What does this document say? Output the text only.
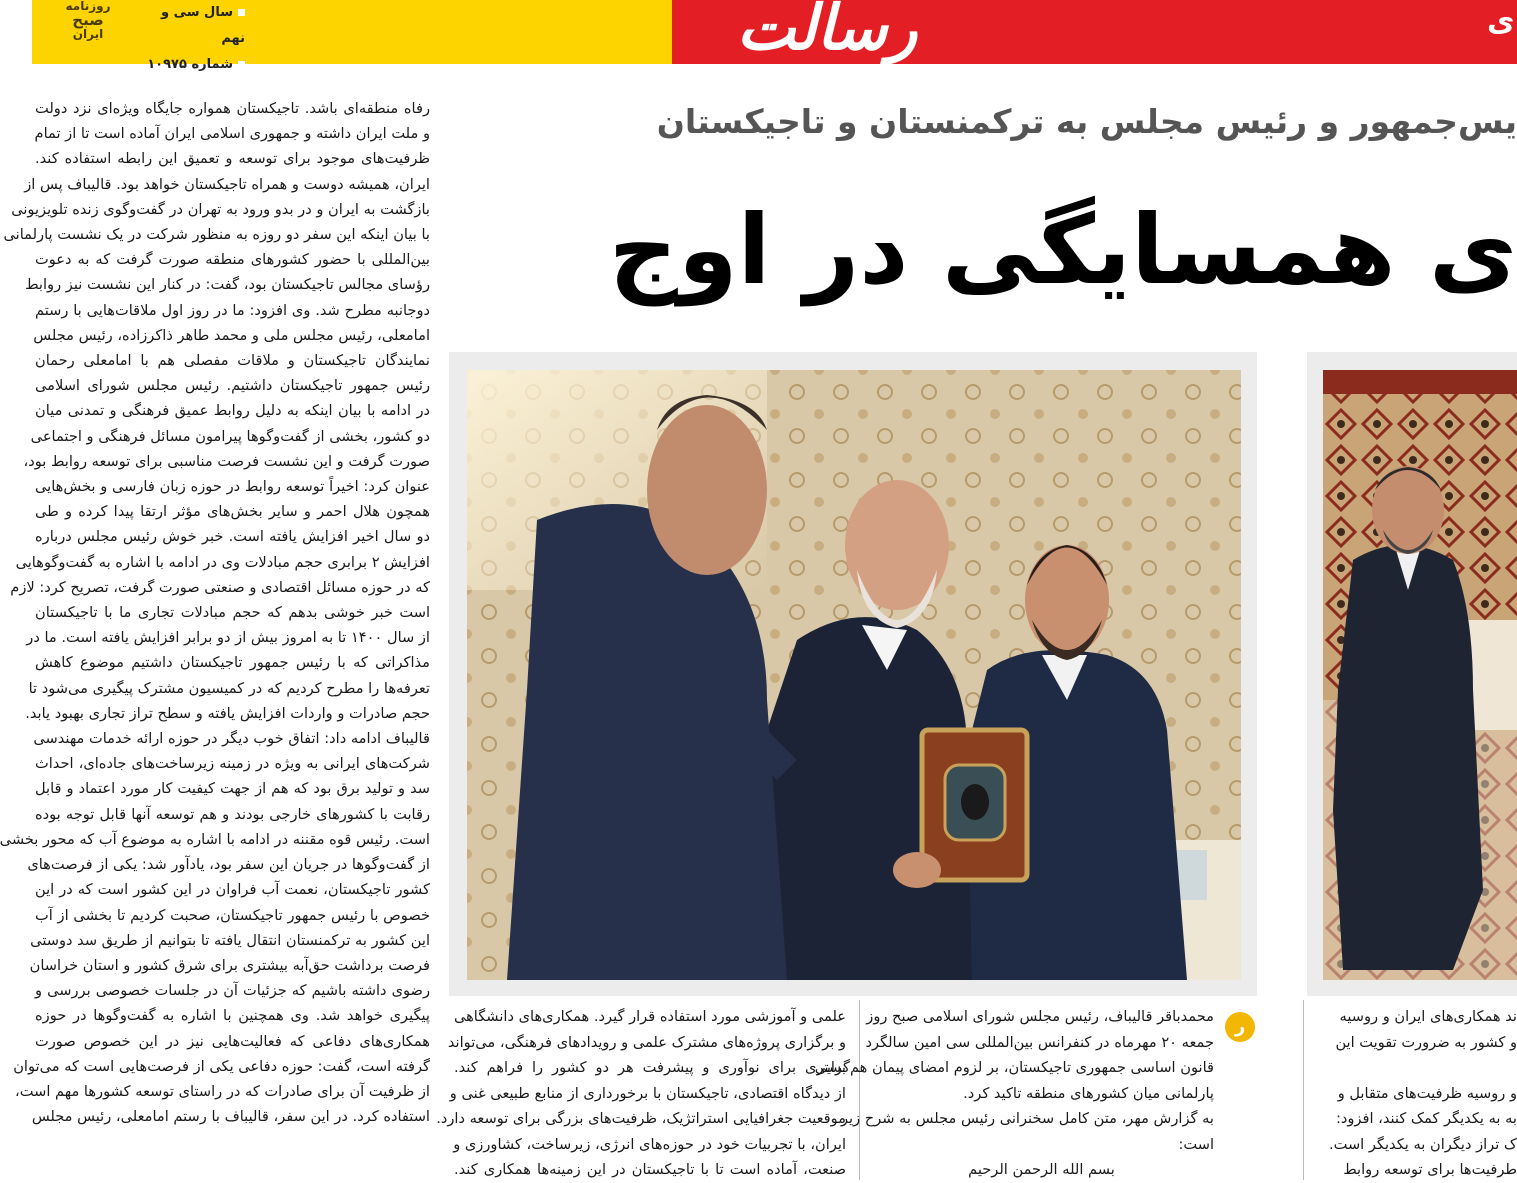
روزنامه
صبح
ایران
سال سی و نهم
شماره ۱۰۹۷۵
رسالت	ی
یس‌جمهور و رئیس مجلس به ترکمنستان و تاجیکستان
ی همسایگی در اوج

رفاه منطقه‌ای باشد. تاجیکستان همواره جایگاه ویژه‌ای نزد دولت

و ملت ایران داشته و جمهوری اسلامی ایران آماده است تا از تمام

ظرفیت‌های موجود برای توسعه و تعمیق این رابطه استفاده کند.

ایران، همیشه دوست و همراه تاجیکستان خواهد بود. قالیباف پس از

بازگشت به ایران و در بدو ورود به تهران در گفت‌وگوی زنده تلویزیونی

با بیان اینکه این سفر دو روزه به منظور شرکت در یک نشست پارلمانی

بین‌المللی با حضور کشورهای منطقه صورت گرفت که به دعوت

رؤسای مجالس تاجیکستان بود، گفت: در کنار این نشست نیز روابط

دوجانبه مطرح شد. وی افزود: ما در روز اول ملاقات‌هایی با رستم

امامعلی، رئیس مجلس ملی و محمد طاهر ذاکرزاده، رئیس مجلس

نمایندگان تاجیکستان و ملاقات مفصلی هم با امامعلی رحمان

رئیس جمهور تاجیکستان داشتیم. رئیس مجلس شورای اسلامی

در ادامه با بیان اینکه به دلیل روابط عمیق فرهنگی و تمدنی میان

دو کشور، بخشی از گفت‌وگوها پیرامون مسائل فرهنگی و اجتماعی

صورت گرفت و این نشست فرصت مناسبی برای توسعه روابط بود،

عنوان کرد: اخیراً توسعه روابط در حوزه زبان فارسی و بخش‌هایی

همچون هلال احمر و سایر بخش‌های مؤثر ارتقا پیدا کرده و طی

دو سال اخیر افزایش یافته است. خبر خوش رئیس مجلس درباره

افزایش ۲ برابری حجم مبادلات وی در ادامه با اشاره به گفت‌وگوهایی

که در حوزه مسائل اقتصادی و صنعتی صورت گرفت، تصریح کرد: لازم

است خبر خوشی بدهم که حجم مبادلات تجاری ما با تاجیکستان

از سال ۱۴۰۰ تا به امروز بیش از دو برابر افزایش یافته است. ما در

مذاکراتی که با رئیس جمهور تاجیکستان داشتیم موضوع کاهش

تعرفه‌ها را مطرح کردیم که در کمیسیون مشترک پیگیری می‌شود تا

حجم صادرات و واردات افزایش یافته و سطح تراز تجاری بهبود یابد.

قالیباف ادامه داد: اتفاق خوب دیگر در حوزه ارائه خدمات مهندسی

شرکت‌های ایرانی به ویژه در زمینه زیرساخت‌های جاده‌ای، احداث

سد و تولید برق بود که هم از جهت کیفیت کار مورد اعتماد و قابل

رقابت با کشورهای خارجی بودند و هم توسعه آنها قابل توجه بوده

است. رئیس قوه مقننه در ادامه با اشاره به موضوع آب که محور بخشی

از گفت‌وگوها در جریان این سفر بود، یادآور شد: یکی از فرصت‌های

کشور تاجیکستان، نعمت آب فراوان در این کشور است که در این

خصوص با رئیس جمهور تاجیکستان، صحبت کردیم تا بخشی از آب

این کشور به ترکمنستان انتقال یافته تا بتوانیم از طریق سد دوستی

فرصت برداشت حق‌آبه بیشتری برای شرق کشور و استان خراسان

رضوی داشته باشیم که جزئیات آن در جلسات خصوصی بررسی و

پیگیری خواهد شد. وی همچنین با اشاره به گفت‌وگوها در حوزه

همکاری‌های دفاعی که فعالیت‌هایی نیز در این خصوص صورت

گرفته است، گفت: حوزه دفاعی یکی از فرصت‌هایی است که می‌توان

از ظرفیت آن برای صادرات که در راستای توسعه کشورها مهم است،

استفاده کرد. در این سفر، قالیباف با رستم امامعلی، رئیس مجلس

علمی و آموزشی مورد استفاده قرار گیرد. همکاری‌های دانشگاهی

و برگزاری پروژه‌های مشترک علمی و رویدادهای فرهنگی، می‌تواند

بستری برای نوآوری و پیشرفت هر دو کشور را فراهم کند.

از دیدگاه اقتصادی، تاجیکستان با برخورداری از منابع طبیعی غنی و

موقعیت جغرافیایی استراتژیک، ظرفیت‌های بزرگی برای توسعه دارد.

ایران، با تجربیات خود در حوزه‌های انرژی، زیرساخت، کشاورزی و

صنعت، آماده است تا با تاجیکستان در این زمینه‌ها همکاری کند.

ر

محمدباقر قالیباف، رئیس مجلس شورای اسلامی صبح روز

جمعه ۲۰ مهرماه در کنفرانس بین‌المللی سی امین سالگرد

قانون اساسی جمهوری تاجیکستان، بر لزوم امضای پیمان هم‌گرایی

پارلمانی میان کشورهای منطقه تاکید کرد.

به گزارش مهر، متن کامل سخنرانی رئیس مجلس به شرح زیر

است:

بسم الله الرحمن الرحیم

ند همکاری‌های ایران و روسیه

و کشور به ضرورت تقویت این

و روسیه ظرفیت‌های متقابل و

به به یکدیگر کمک کنند، افزود:

ک تراز دیگران به یکدیگر است.

طرفیت‌ها برای توسعه روابط
